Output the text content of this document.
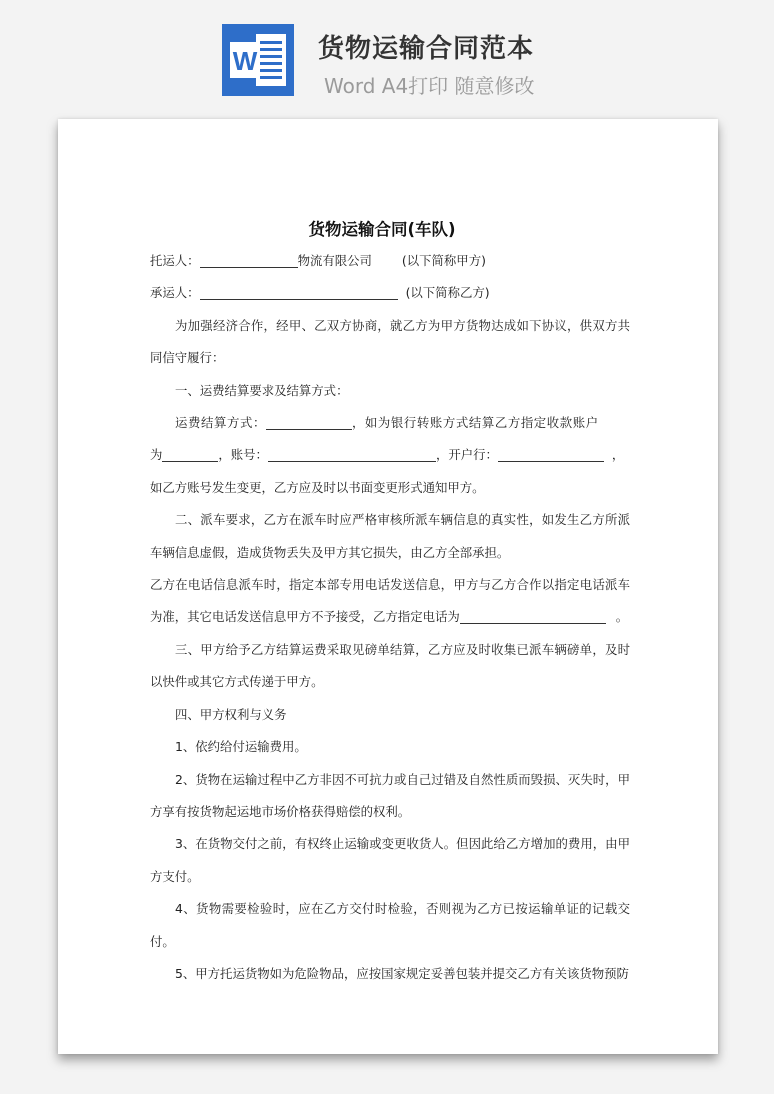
W 货物运输合同范本
Word A4打印 随意修改
货物运输合同(车队)

托运人：	物流有限公司 (以下简称甲方)

承运人：	(以下简称乙方)

为加强经济合作，经甲、乙双方协商，就乙方为甲方货物达成如下协议，供双方共同信守履行：

一、运费结算要求及结算方式：

运费结算方式：	，如为银行转账方式结算乙方指定收款账户

为	，账号：	，开户行：	，

如乙方账号发生变更，乙方应及时以书面变更形式通知甲方。

二、派车要求，乙方在派车时应严格审核所派车辆信息的真实性，如发生乙方所派车辆信息虚假，造成货物丢失及甲方其它损失，由乙方全部承担。

乙方在电话信息派车时，指定本部专用电话发送信息，甲方与乙方合作以指定电话派车为准，其它电话发送信息甲方不予接受，乙方指定电话为	。

三、甲方给予乙方结算运费采取见磅单结算，乙方应及时收集已派车辆磅单，及时以快件或其它方式传递于甲方。

四、甲方权利与义务

1、依约给付运输费用。

2、货物在运输过程中乙方非因不可抗力或自己过错及自然性质而毁损、灭失时，甲方享有按货物起运地市场价格获得赔偿的权利。

3、在货物交付之前，有权终止运输或变更收货人。但因此给乙方增加的费用，由甲方支付。

4、货物需要检验时，应在乙方交付时检验，否则视为乙方已按运输单证的记载交付。

5、甲方托运货物如为危险物品，应按国家规定妥善包装并提交乙方有关该货物预防
